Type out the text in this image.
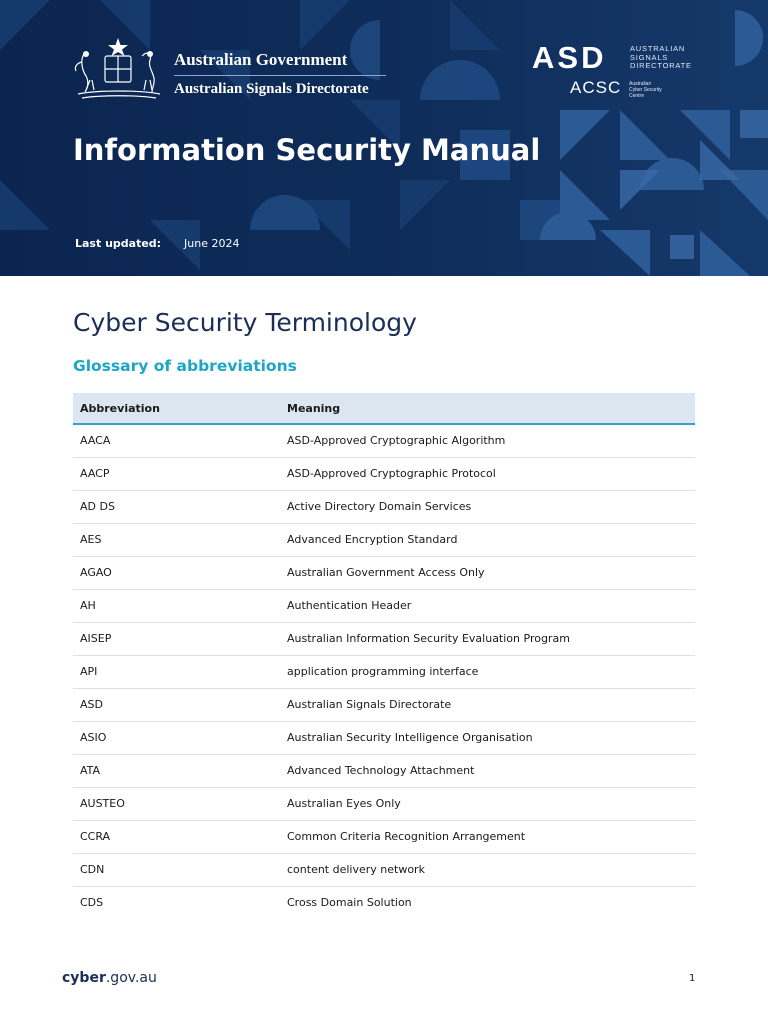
Australian Government
Australian Signals Directorate
ASD	AUSTRALIAN
SIGNALS
DIRECTORATE
ACSC Australian
Cyber Security
Centre
Information Security Manual
Last updated: June 2024
Cyber Security Terminology
Glossary of abbreviations
Abbreviation	Meaning
AACA	ASD-Approved Cryptographic Algorithm
AACP	ASD-Approved Cryptographic Protocol
AD DS	Active Directory Domain Services
AES	Advanced Encryption Standard
AGAO	Australian Government Access Only
AH	Authentication Header
AISEP	Australian Information Security Evaluation Program
API	application programming interface
ASD	Australian Signals Directorate
ASIO	Australian Security Intelligence Organisation
ATA	Advanced Technology Attachment
AUSTEO	Australian Eyes Only
CCRA	Common Criteria Recognition Arrangement
CDN	content delivery network
CDS	Cross Domain Solution
cyber.gov.au	1
